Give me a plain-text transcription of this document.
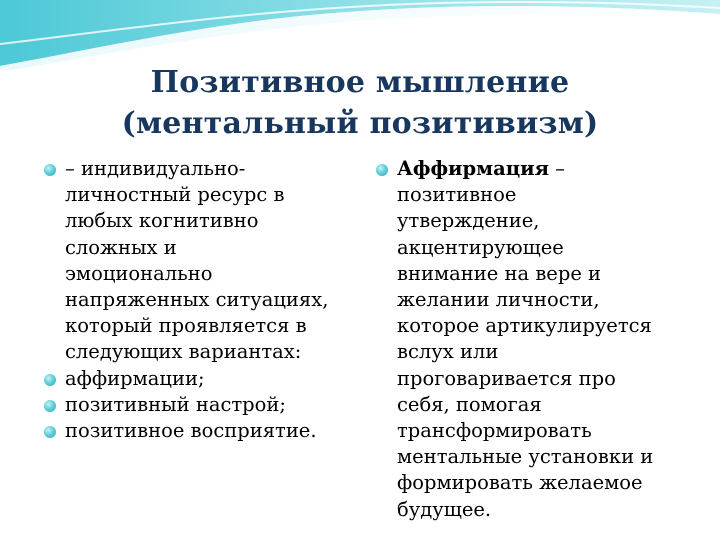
Позитивное мышление (ментальный позитивизм)
– индивидуально-
личностный ресурс в
любых когнитивно
сложных и
эмоционально
напряженных ситуациях,
который проявляется в
следующих вариантах:
аффирмации;
позитивный настрой;
позитивное восприятие.
Аффирмация –
позитивное
утверждение,
акцентирующее
внимание на вере и
желании личности,
которое артикулируется
вслух или
проговаривается про
себя, помогая
трансформировать
ментальные установки и
формировать желаемое
будущее.
